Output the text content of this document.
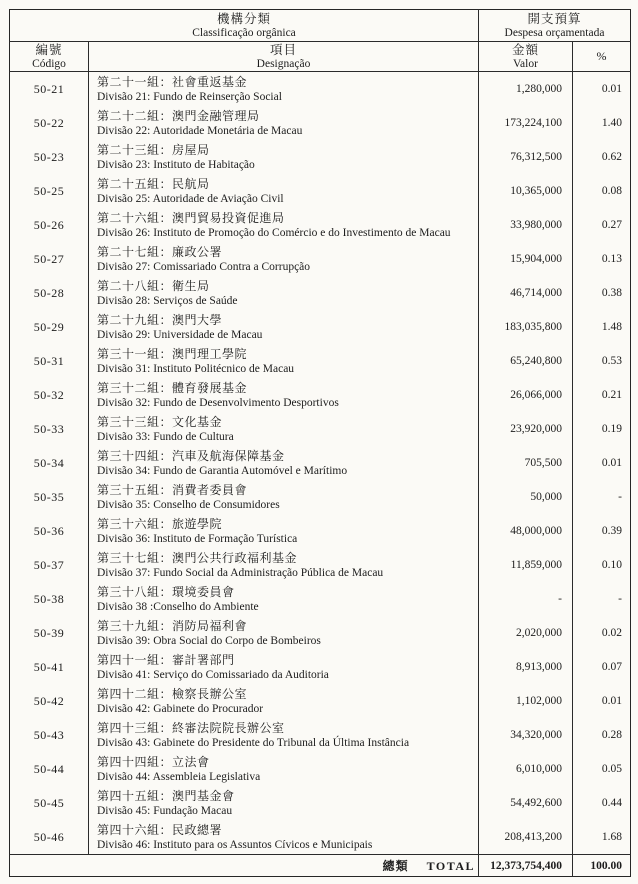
機構分類
Classificação orgânica

開支預算
Despesa orçamentada

編號
Código

項目
Designação

金額
Valor
	%
50-21	第二十一組：社會重返基金
Divisão 21: Fundo de Reinserção Social	1,280,000	0.01
50-22	第二十二組：澳門金融管理局
Divisão 22: Autoridade Monetária de Macau	173,224,100	1.40
50-23	第二十三組：房屋局
Divisão 23: Instituto de Habitação	76,312,500	0.62
50-25	第二十五組：民航局
Divisão 25: Autoridade de Aviação Civil	10,365,000	0.08
50-26	第二十六組：澳門貿易投資促進局
Divisão 26: Instituto de Promoção do Comércio e do Investimento de Macau	33,980,000	0.27
50-27	第二十七組：廉政公署
Divisão 27: Comissariado Contra a Corrupção	15,904,000	0.13
50-28	第二十八組：衛生局
Divisão 28: Serviços de Saúde	46,714,000	0.38
50-29	第二十九組：澳門大學
Divisão 29: Universidade de Macau	183,035,800	1.48
50-31	第三十一組：澳門理工學院
Divisão 31: Instituto Politécnico de Macau	65,240,800	0.53
50-32	第三十二組：體育發展基金
Divisão 32: Fundo de Desenvolvimento Desportivos	26,066,000	0.21
50-33	第三十三組：文化基金
Divisão 33: Fundo de Cultura	23,920,000	0.19
50-34	第三十四組：汽車及航海保障基金
Divisão 34: Fundo de Garantia Automóvel e Marítimo	705,500	0.01
50-35	第三十五組：消費者委員會
Divisão 35: Conselho de Consumidores	50,000	-
50-36	第三十六組：旅遊學院
Divisão 36: Instituto de Formação Turística	48,000,000	0.39
50-37	第三十七組：澳門公共行政福利基金
Divisão 37: Fundo Social da Administração Pública de Macau	11,859,000	0.10
50-38	第三十八組：環境委員會
Divisão 38 :Conselho do Ambiente	-	-
50-39	第三十九組：消防局福利會
Divisão 39: Obra Social do Corpo de Bombeiros	2,020,000	0.02
50-41	第四十一組：審計署部門
Divisão 41: Serviço do Comissariado da Auditoria	8,913,000	0.07
50-42	第四十二組：檢察長辦公室
Divisão 42: Gabinete do Procurador	1,102,000	0.01
50-43	第四十三組：終審法院院長辦公室
Divisão 43: Gabinete do Presidente do Tribunal da Última Instância	34,320,000	0.28
50-44	第四十四組：立法會
Divisão 44: Assembleia Legislativa	6,010,000	0.05
50-45	第四十五組：澳門基金會
Divisão 45: Fundação Macau	54,492,600	0.44
50-46	第四十六組：民政總署
Divisão 46: Instituto para os Assuntos Cívicos e Municipais	208,413,200	1.68
總類 TOTAL		12,373,754,400	100.00
